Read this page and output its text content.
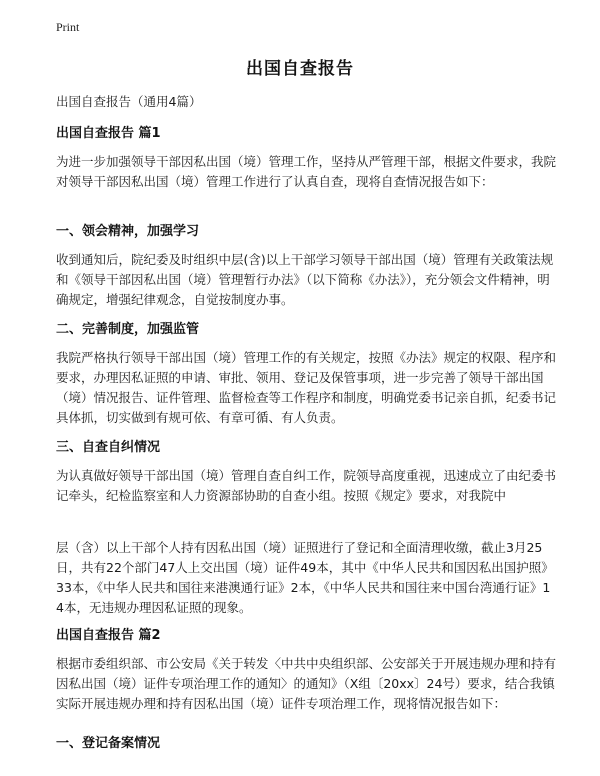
Print
出国自查报告
出国自查报告（通用4篇）
出国自查报告 篇1
为进一步加强领导干部因私出国（境）管理工作，坚持从严管理干部，根据文件要求，我院对领导干部因私出国（境）管理工作进行了认真自查，现将自查情况报告如下：
一、领会精神，加强学习
收到通知后，院纪委及时组织中层(含)以上干部学习领导干部出国（境）管理有关政策法规和《领导干部因私出国（境）管理暂行办法》（以下简称《办法》），充分领会文件精神，明确规定，增强纪律观念，自觉按制度办事。
二、完善制度，加强监管
我院严格执行领导干部出国（境）管理工作的有关规定，按照《办法》规定的权限、程序和要求，办理因私证照的申请、审批、领用、登记及保管事项，进一步完善了领导干部出国（境）情况报告、证件管理、监督检查等工作程序和制度，明确党委书记亲自抓，纪委书记具体抓，切实做到有规可依、有章可循、有人负责。
三、自查自纠情况
为认真做好领导干部出国（境）管理自查自纠工作，院领导高度重视，迅速成立了由纪委书记牵头，纪检监察室和人力资源部协助的自查小组。按照《规定》要求，对我院中
层（含）以上干部个人持有因私出国（境）证照进行了登记和全面清理收缴，截止3月25日，共有22个部门47人上交出国（境）证件49本，其中《中华人民共和国因私出国护照》33本，《中华人民共和国往来港澳通行证》2本，《中华人民共和国往来中国台湾通行证》14本，无违规办理因私证照的现象。
出国自查报告 篇2
根据市委组织部、市公安局《关于转发〈中共中央组织部、公安部关于开展违规办理和持有因私出国（境）证件专项治理工作的通知〉的通知》（X组〔20xx〕24号）要求，结合我镇实际开展违规办理和持有因私出国（境）证件专项治理工作，现将情况报告如下：
一、登记备案情况
